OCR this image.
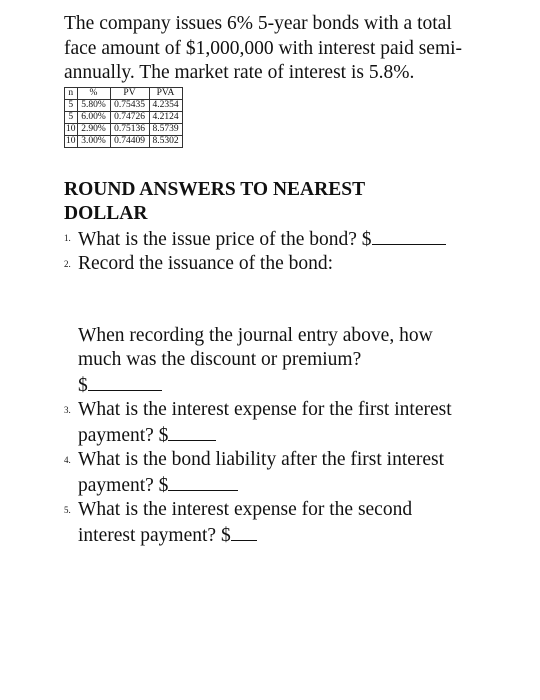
The company issues 6% 5-year bonds with a total face amount of $1,000,000 with interest paid semi-annually. The market rate of interest is 5.8%.

n	%	PV	PVA
5	5.80%	0.75435	4.2354
5	6.00%	0.74726	4.2124
10	2.90%	0.75136	8.5739
10	3.00%	0.74409	8.5302
ROUND ANSWERS TO NEAREST DOLLAR
1. What is the issue price of the bond? $
2. Record the issuance of the bond:
When recording the journal entry above, how much was the discount or premium?
$
3. What is the interest expense for the first interest payment? $
4. What is the bond liability after the first interest payment? $
5. What is the interest expense for the second interest payment? $
